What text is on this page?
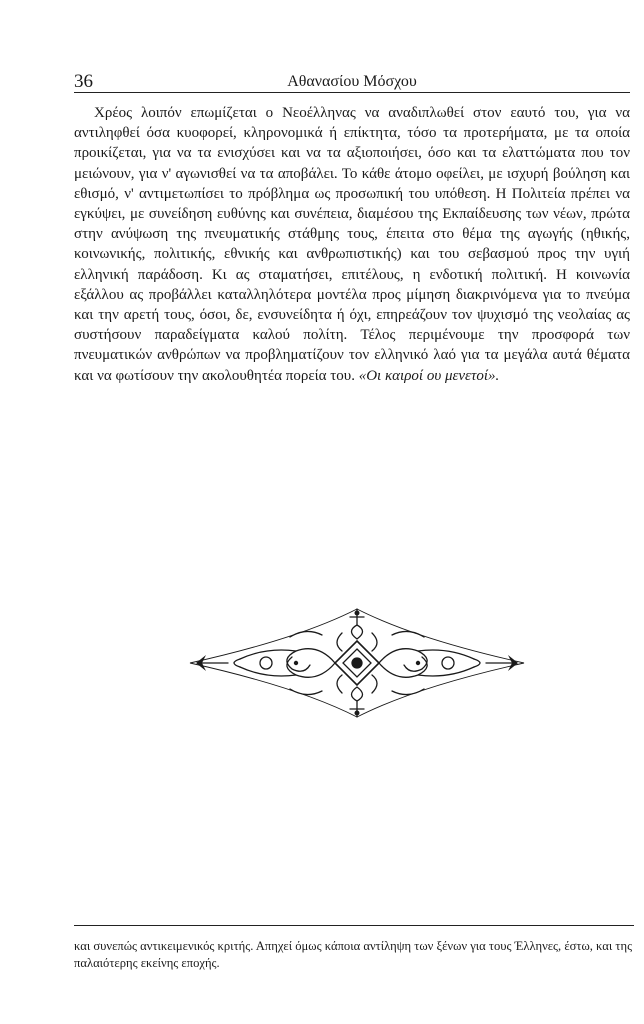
36	Αθανασίου Μόσχου

Χρέος λοιπόν επωμίζεται ο Νεοέλληνας να αναδιπλωθεί στον εαυτό του, για να αντιληφθεί όσα κυοφορεί, κληρονομικά ή επίκτητα, τόσο τα προτερήματα, με τα οποία προικίζεται, για να τα ενισχύσει και να τα αξιοποιήσει, όσο και τα ελαττώματα που τον μειώνουν, για ν' αγωνισθεί να τα αποβάλει. Το κάθε άτομο οφείλει, με ισχυρή βούληση και εθισμό, ν' αντιμετωπίσει το πρόβλημα ως προσωπική του υπόθεση. Η Πολιτεία πρέπει να εγκύψει, με συνείδηση ευθύνης και συνέπεια, διαμέσου της Εκπαίδευσης των νέων, πρώτα στην ανύψωση της πνευματικής στάθμης τους, έπειτα στο θέμα της αγωγής (ηθικής, κοινωνικής, πολιτικής, εθνικής και ανθρωπιστικής) και του σεβασμού προς την υγιή ελληνική παράδοση. Κι ας σταματήσει, επιτέλους, η ενδοτική πολιτική. Η κοινωνία εξάλλου ας προβάλλει καταλληλότερα μοντέλα προς μίμηση διακρινόμενα για το πνεύμα και την αρετή τους, όσοι, δε, ενσυνείδητα ή όχι, επηρεάζουν τον ψυχισμό της νεολαίας ας συστήσουν παραδείγματα καλού πολίτη. Τέλος περιμένουμε την προσφορά των πνευματικών ανθρώπων να προβληματίζουν τον ελληνικό λαό για τα μεγάλα αυτά θέματα και να φωτίσουν την ακολουθητέα πορεία του. «Οι καιροί ου μενετοί».

και συνεπώς αντικειμενικός κριτής. Απηχεί όμως κάποια αντίληψη των ξένων για τους Έλληνες, έστω, και της παλαιότερης εκείνης εποχής.
